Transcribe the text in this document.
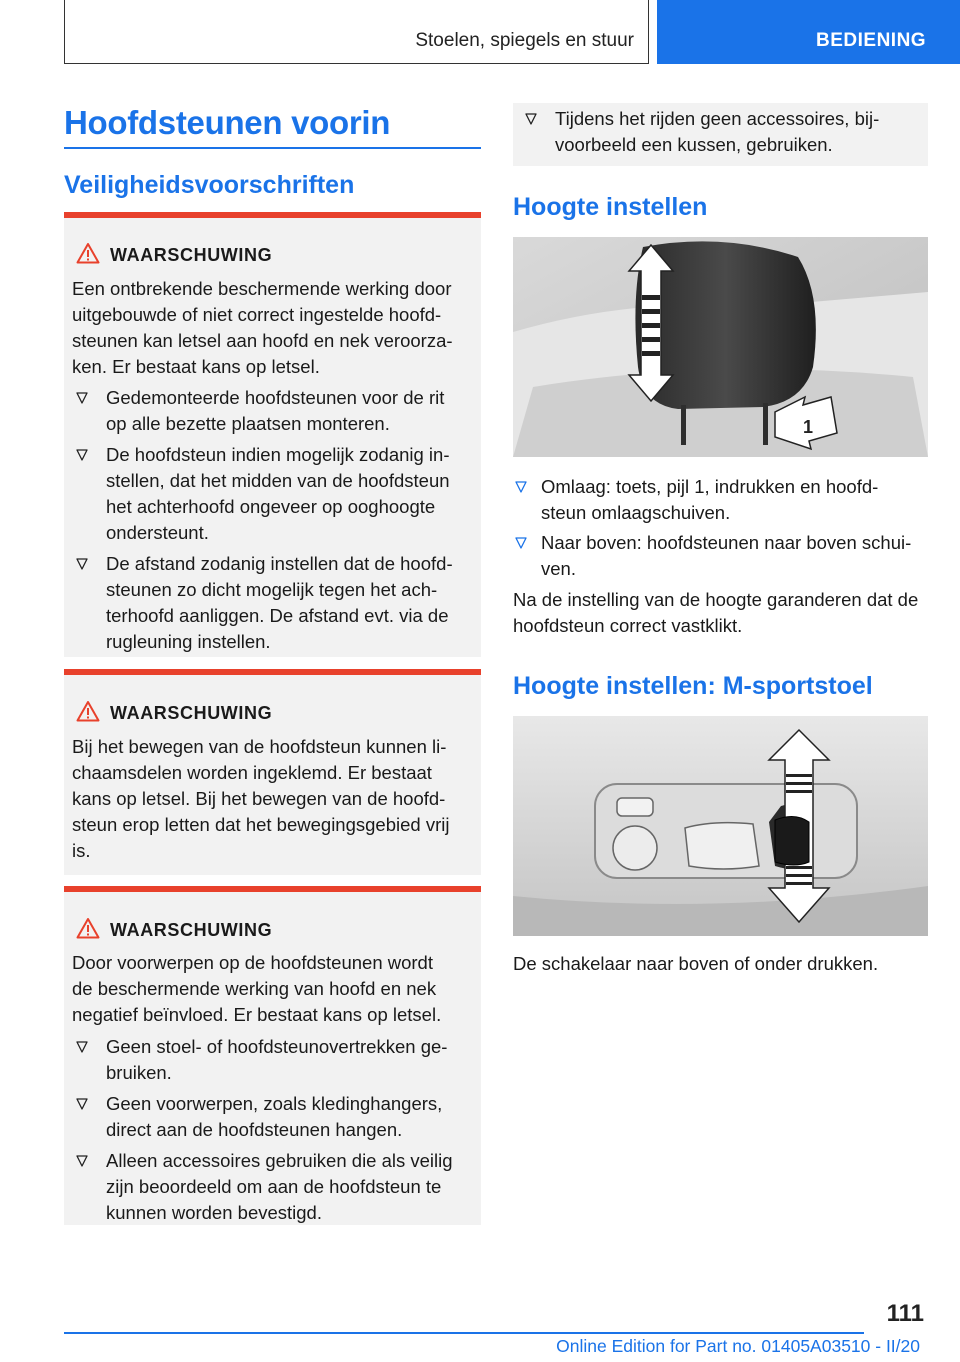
Stoelen, spiegels en stuur	BEDIENING
Hoofdsteunen voorin
Veiligheidsvoorschriften
WAARSCHUWING
Een ontbrekende beschermende werking door
uitgebouwde of niet correct ingestelde hoofd-
steunen kan letsel aan hoofd en nek veroorza-
ken. Er bestaat kans op letsel.
Gedemonteerde hoofdsteunen voor de rit
op alle bezette plaatsen monteren.
De hoofdsteun indien mogelijk zodanig in-
stellen, dat het midden van de hoofdsteun
het achterhoofd ongeveer op ooghoogte
ondersteunt.
De afstand zodanig instellen dat de hoofd-
steunen zo dicht mogelijk tegen het ach-
terhoofd aanliggen. De afstand evt. via de
rugleuning instellen.
WAARSCHUWING
Bij het bewegen van de hoofdsteun kunnen li-
chaamsdelen worden ingeklemd. Er bestaat
kans op letsel. Bij het bewegen van de hoofd-
steun erop letten dat het bewegingsgebied vrij
is.
WAARSCHUWING
Door voorwerpen op de hoofdsteunen wordt
de beschermende werking van hoofd en nek
negatief beïnvloed. Er bestaat kans op letsel.
Geen stoel- of hoofdsteunovertrekken ge-
bruiken.
Geen voorwerpen, zoals kledinghangers,
direct aan de hoofdsteunen hangen.
Alleen accessoires gebruiken die als veilig
zijn beoordeeld om aan de hoofdsteun te
kunnen worden bevestigd.
Tijdens het rijden geen accessoires, bij-
voorbeeld een kussen, gebruiken.
Hoogte instellen
1
Omlaag: toets, pijl 1, indrukken en hoofd-
steun omlaagschuiven.
Naar boven: hoofdsteunen naar boven schui-
ven.
Na de instelling van de hoogte garanderen dat de
hoofdsteun correct vastklikt.
Hoogte instellen: M-sportstoel
De schakelaar naar boven of onder drukken.
111
Online Edition for Part no. 01405A03510 - II/20
